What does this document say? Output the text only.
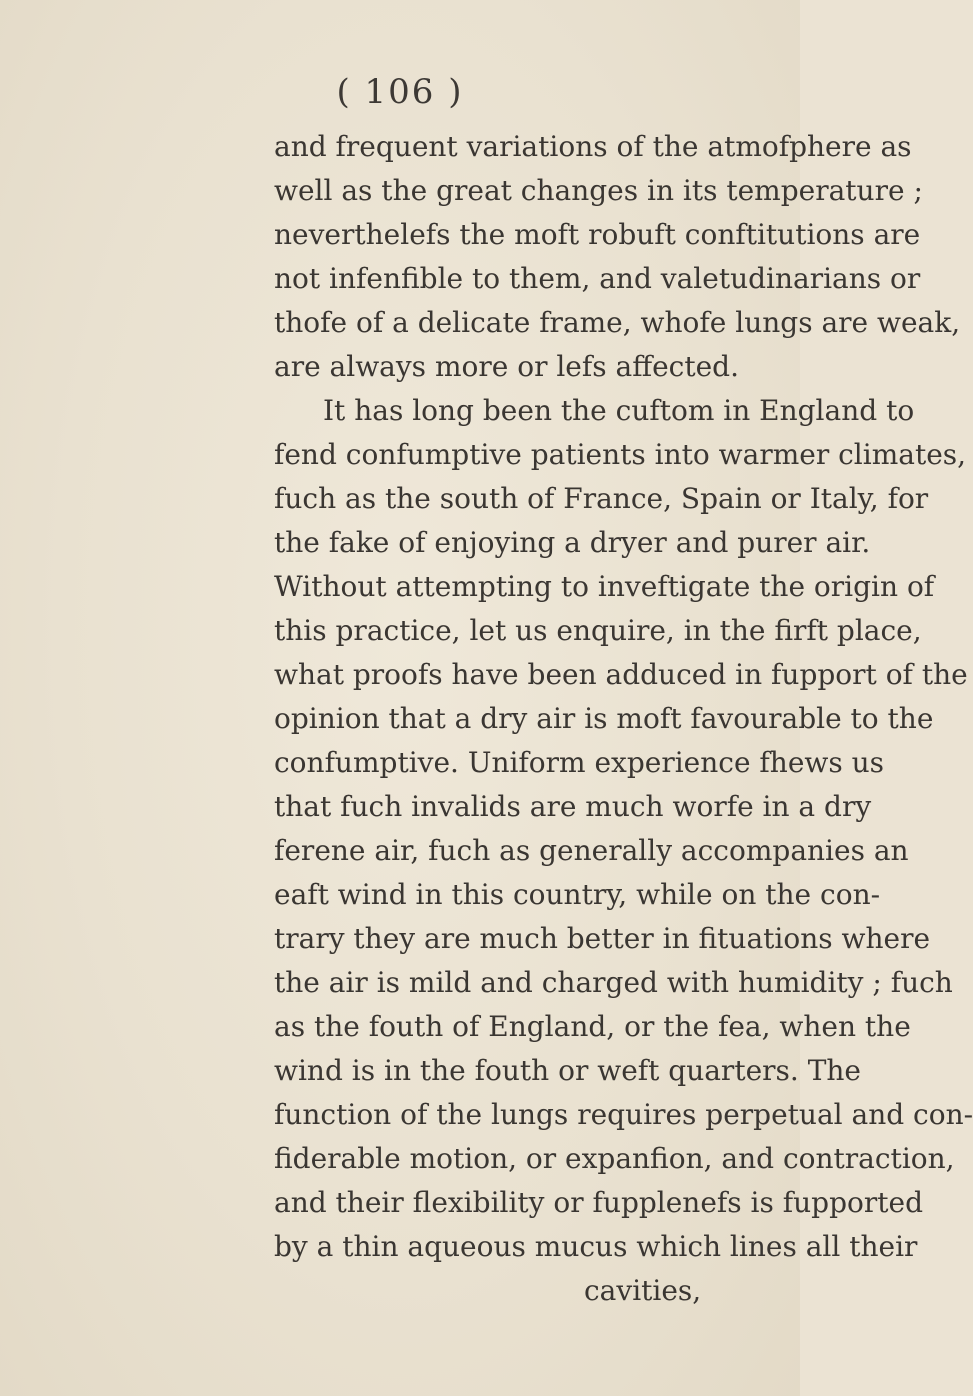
( 106 )
and frequent variations of the atmofphere as
well as the great changes in its temperature ;
neverthelefs the moft robuft conftitutions are
not infenfible to them, and valetudinarians or
thofe of a delicate frame, whofe lungs are weak,
are always more or lefs affected.
It has long been the cuftom in England to
fend confumptive patients into warmer climates,
fuch as the south of France, Spain or Italy, for
the fake of enjoying a dryer and purer air.
Without attempting to inveftigate the origin of
this practice, let us enquire, in the firft place,
what proofs have been adduced in fupport of the
opinion that a dry air is moft favourable to the
confumptive. Uniform experience fhews us
that fuch invalids are much worfe in a dry
ferene air, fuch as generally accompanies an
eaft wind in this country, while on the con-
trary they are much better in fituations where
the air is mild and charged with humidity ; fuch
as the fouth of England, or the fea, when the
wind is in the fouth or weft quarters. The
function of the lungs requires perpetual and con-
fiderable motion, or expanfion, and contraction,
and their flexibility or fupplenefs is fupported
by a thin aqueous mucus which lines all their
cavities,
